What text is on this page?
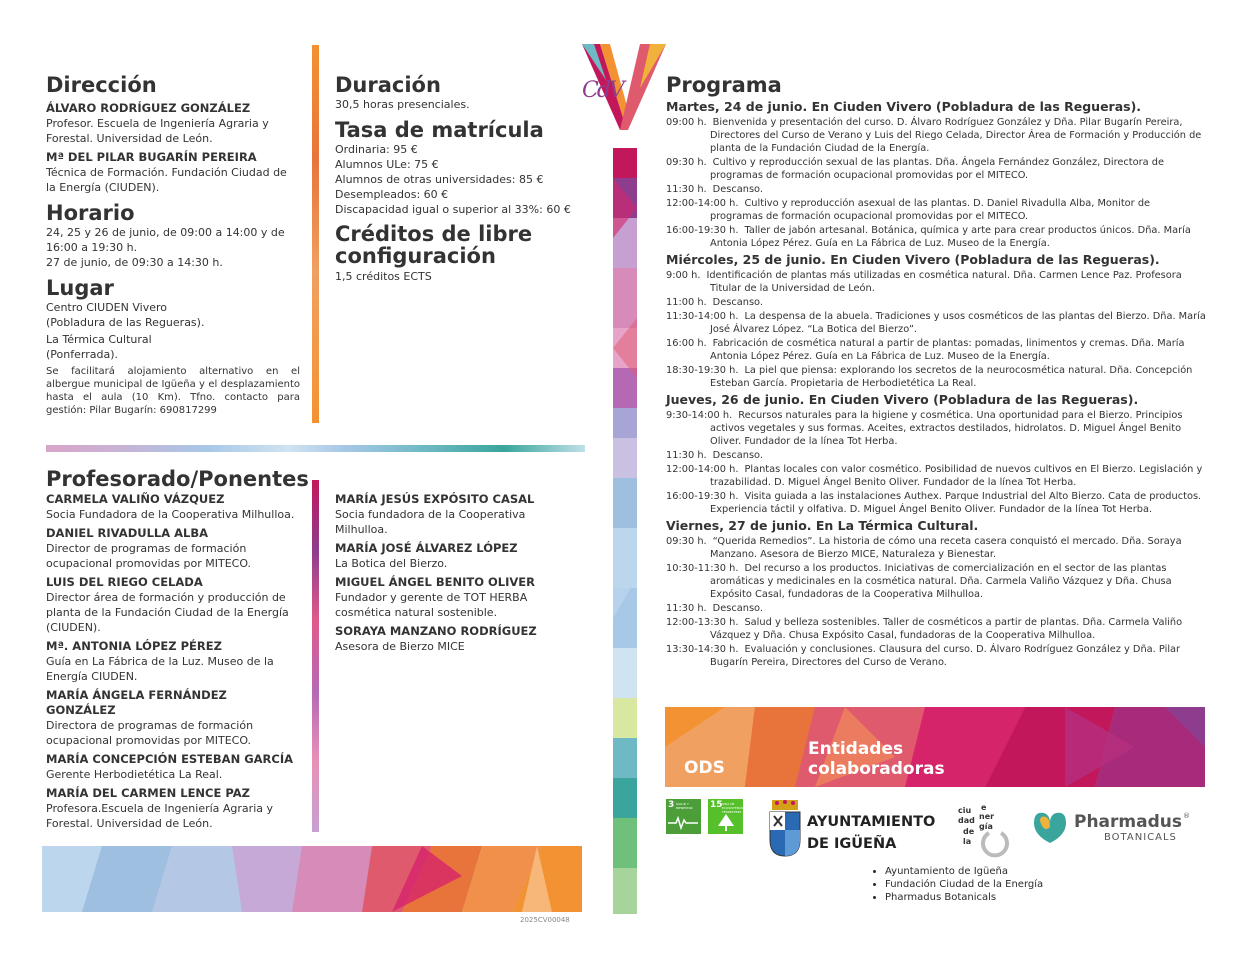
Dirección
ÁLVARO RODRÍGUEZ GONZÁLEZ
Profesor. Escuela de Ingeniería Agraria y Forestal. Universidad de León.
Mª DEL PILAR BUGARÍN PEREIRA
Técnica de Formación. Fundación Ciudad de la Energía (CIUDEN).
Horario
24, 25 y 26 de junio, de 09:00 a 14:00 y de 16:00 a 19:30 h.
27 de junio, de 09:30 a 14:30 h.
Lugar
Centro CIUDEN Vivero
(Pobladura de las Regueras).
La Térmica Cultural
(Ponferrada).
Se facilitará alojamiento alternativo en el albergue municipal de Igüeña y el desplazamiento hasta el aula (10 Km). Tfno. contacto para gestión: Pilar Bugarín: 690817299
Duración
30,5 horas presenciales.
Tasa de matrícula
Ordinaria: 95 €
Alumnos ULe: 75 €
Alumnos de otras universidades: 85 €
Desempleados: 60 €
Discapacidad igual o superior al 33%: 60 €
Créditos de libre configuración
1,5 créditos ECTS
Profesorado/Ponentes
CARMELA VALIÑO VÁZQUEZ
Socia Fundadora de la Cooperativa Milhulloa.
DANIEL RIVADULLA ALBA
Director de programas de formación ocupacional promovidas por MITECO.
LUIS DEL RIEGO CELADA
Director área de formación y producción de planta de la Fundación Ciudad de la Energía (CIUDEN).
Mª. ANTONIA LÓPEZ PÉREZ
Guía en La Fábrica de la Luz. Museo de la Energía CIUDEN.
MARÍA ÁNGELA FERNÁNDEZ GONZÁLEZ
Directora de programas de formación ocupacional promovidas por MITECO.
MARÍA CONCEPCIÓN ESTEBAN GARCÍA
Gerente Herbodietética La Real.
MARÍA DEL CARMEN LENCE PAZ
Profesora.Escuela de Ingeniería Agraria y Forestal. Universidad de León.
MARÍA JESÚS EXPÓSITO CASAL
Socia fundadora de la Cooperativa Milhulloa.
MARÍA JOSÉ ÁLVAREZ LÓPEZ
La Botica del Bierzo.
MIGUEL ÁNGEL BENITO OLIVER
Fundador y gerente de TOT HERBA cosmética natural sostenible.
SORAYA MANZANO RODRÍGUEZ
Asesora de Bierzo MICE
2025CV00048
CdV Programa
Martes, 24 de junio. En Ciuden Vivero (Pobladura de las Regueras).
09:00 h. Bienvenida y presentación del curso. D. Álvaro Rodríguez González y Dña. Pilar Bugarín Pereira, Directores del Curso de Verano y Luis del Riego Celada, Director Área de Formación y Producción de planta de la Fundación Ciudad de la Energía.
09:30 h. Cultivo y reproducción sexual de las plantas. Dña. Ángela Fernández González, Directora de programas de formación ocupacional promovidas por el MITECO.
11:30 h. Descanso.
12:00-14:00 h. Cultivo y reproducción asexual de las plantas. D. Daniel Rivadulla Alba, Monitor de programas de formación ocupacional promovidas por el MITECO.
16:00-19:30 h. Taller de jabón artesanal. Botánica, química y arte para crear productos únicos. Dña. María Antonia López Pérez. Guía en La Fábrica de Luz. Museo de la Energía.
Miércoles, 25 de junio. En Ciuden Vivero (Pobladura de las Regueras).
9:00 h. Identificación de plantas más utilizadas en cosmética natural. Dña. Carmen Lence Paz. Profesora Titular de la Universidad de León.
11:00 h. Descanso.
11:30-14:00 h. La despensa de la abuela. Tradiciones y usos cosméticos de las plantas del Bierzo. Dña. María José Álvarez López. “La Botica del Bierzo”.
16:00 h. Fabricación de cosmética natural a partir de plantas: pomadas, linimentos y cremas. Dña. María Antonia López Pérez. Guía en La Fábrica de Luz. Museo de la Energía.
18:30-19:30 h. La piel que piensa: explorando los secretos de la neurocosmética natural. Dña. Concepción Esteban García. Propietaria de Herbodietética La Real.
Jueves, 26 de junio. En Ciuden Vivero (Pobladura de las Regueras).
9:30-14:00 h. Recursos naturales para la higiene y cosmética. Una oportunidad para el Bierzo. Principios activos vegetales y sus formas. Aceites, extractos destilados, hidrolatos. D. Miguel Ángel Benito Oliver. Fundador de la línea Tot Herba.
11:30 h. Descanso.
12:00-14:00 h. Plantas locales con valor cosmético. Posibilidad de nuevos cultivos en El Bierzo. Legislación y trazabilidad. D. Miguel Ángel Benito Oliver. Fundador de la línea Tot Herba.
16:00-19:30 h. Visita guiada a las instalaciones Authex. Parque Industrial del Alto Bierzo. Cata de productos. Experiencia táctil y olfativa. D. Miguel Ángel Benito Oliver. Fundador de la línea Tot Herba.
Viernes, 27 de junio. En La Térmica Cultural.
09:30 h. “Querida Remedios”. La historia de cómo una receta casera conquistó el mercado. Dña. Soraya Manzano. Asesora de Bierzo MICE, Naturaleza y Bienestar.
10:30-11:30 h. Del recurso a los productos. Iniciativas de comercialización en el sector de las plantas aromáticas y medicinales en la cosmética natural. Dña. Carmela Valiño Vázquez y Dña. Chusa Expósito Casal, fundadoras de la Cooperativa Milhulloa.
11:30 h. Descanso.
12:00-13:30 h. Salud y belleza sostenibles. Taller de cosméticos a partir de plantas. Dña. Carmela Valiño Vázquez y Dña. Chusa Expósito Casal, fundadoras de la Cooperativa Milhulloa.
13:30-14:30 h. Evaluación y conclusiones. Clausura del curso. D. Álvaro Rodríguez González y Dña. Pilar Bugarín Pereira, Directores del Curso de Verano.
ODS
Entidades colaboradoras
3 SALUD Y BIENESTAR	15 VIDA DE ECOSISTEMAS TERRESTRES
AYUNTAMIENTO
DE IGÜEÑA
ciu
dad
de
la
e
ner
gía	Pharmadus ®
BOTANICALS
• Ayuntamiento de Igüeña
• Fundación Ciudad de la Energía
• Pharmadus Botanicals
